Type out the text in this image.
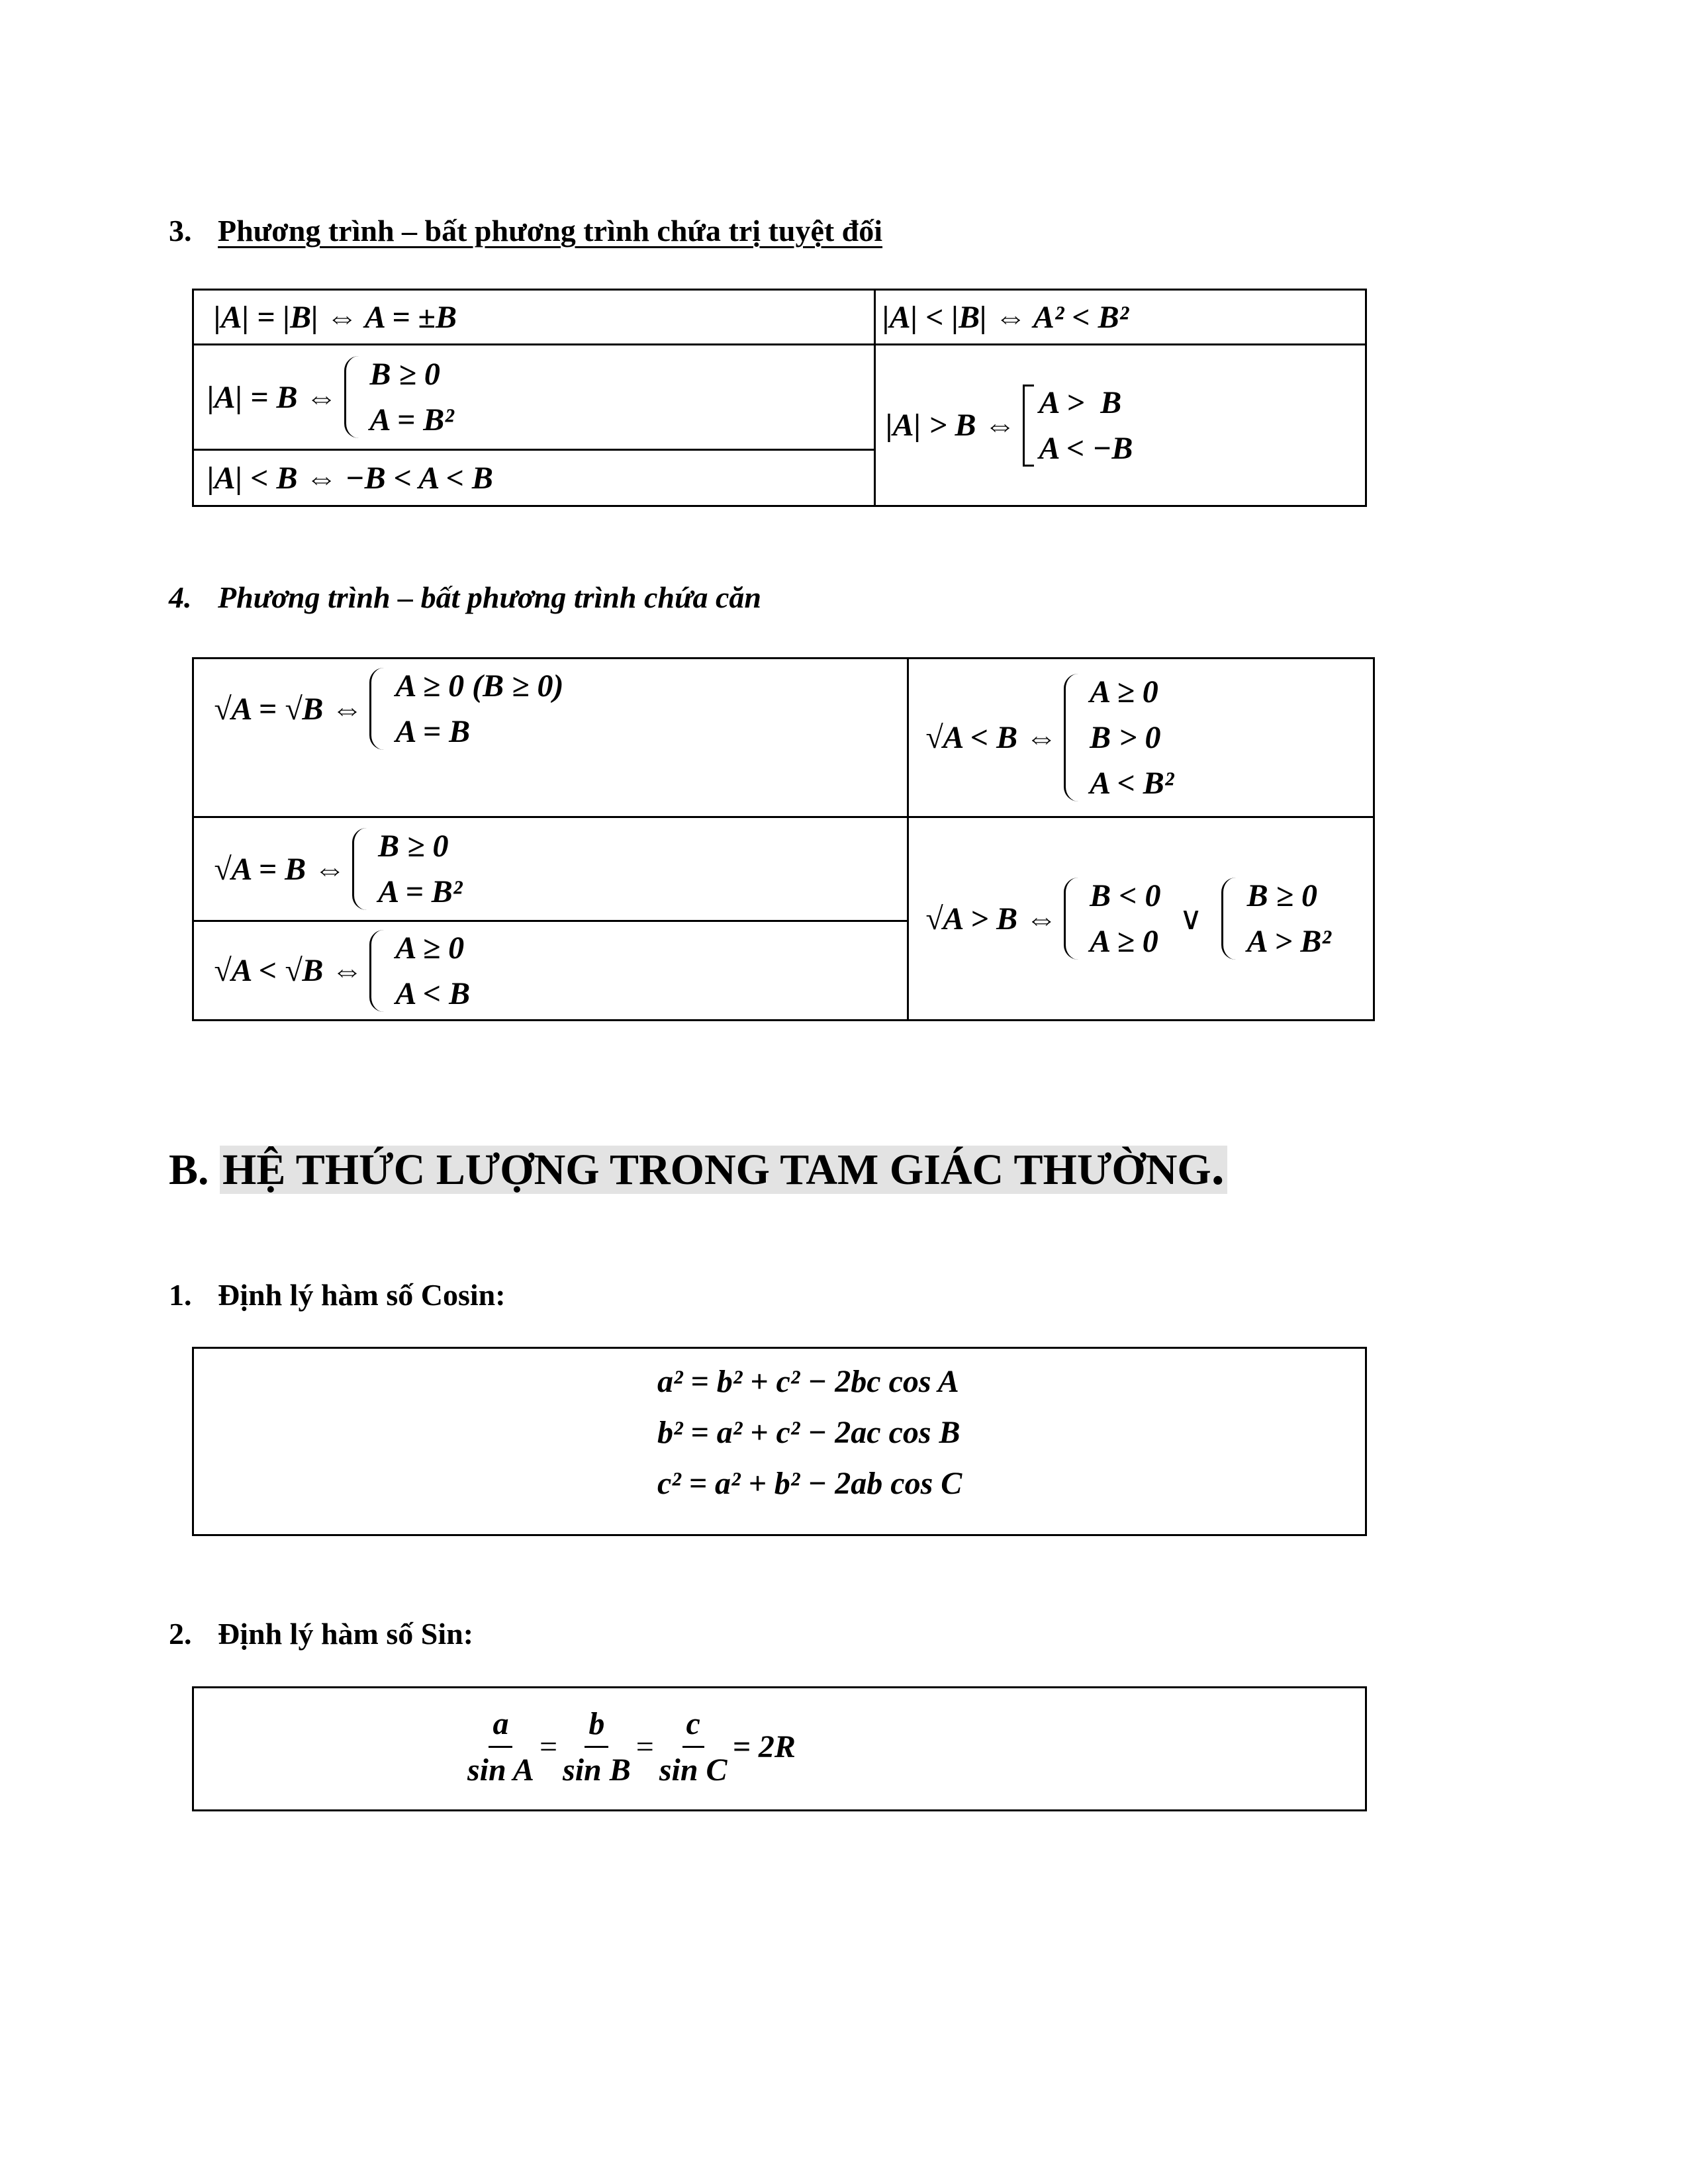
3. Phương trình – bất phương trình chứa trị tuyệt đối
|A| = |B| ⇔ A = ±B	|A| < |B| ⇔ A² < B²
|A| = B ⇔
B ≥ 0
A = B²
|A| < B ⇔ −B < A < B
|A| > B ⇔
A >  B
A < −B
4. Phương trình – bất phương trình chứa căn
√A = √B ⇔
A ≥ 0 (B ≥ 0)
A = B	√A < B ⇔
A ≥ 0
B > 0
A < B²
√A = B ⇔
B ≥ 0
A = B²
√A < √B ⇔
A ≥ 0
A < B
√A > B ⇔
B < 0
A ≥ 0
∨
B ≥ 0
A > B²
B. HỆ THỨC LƯỢNG TRONG TAM GIÁC THƯỜNG.
1. Định lý hàm số Cosin:
a² = b² + c² − 2bc cos A
b² = a² + c² − 2ac cos B
c² = a² + b² − 2ab cos C
2. Định lý hàm số Sin:
$\frac{a}{\text{sin A}} = \frac{b}{\text{sin B}} = \frac{c}{\text{sin C}} = 2R$
